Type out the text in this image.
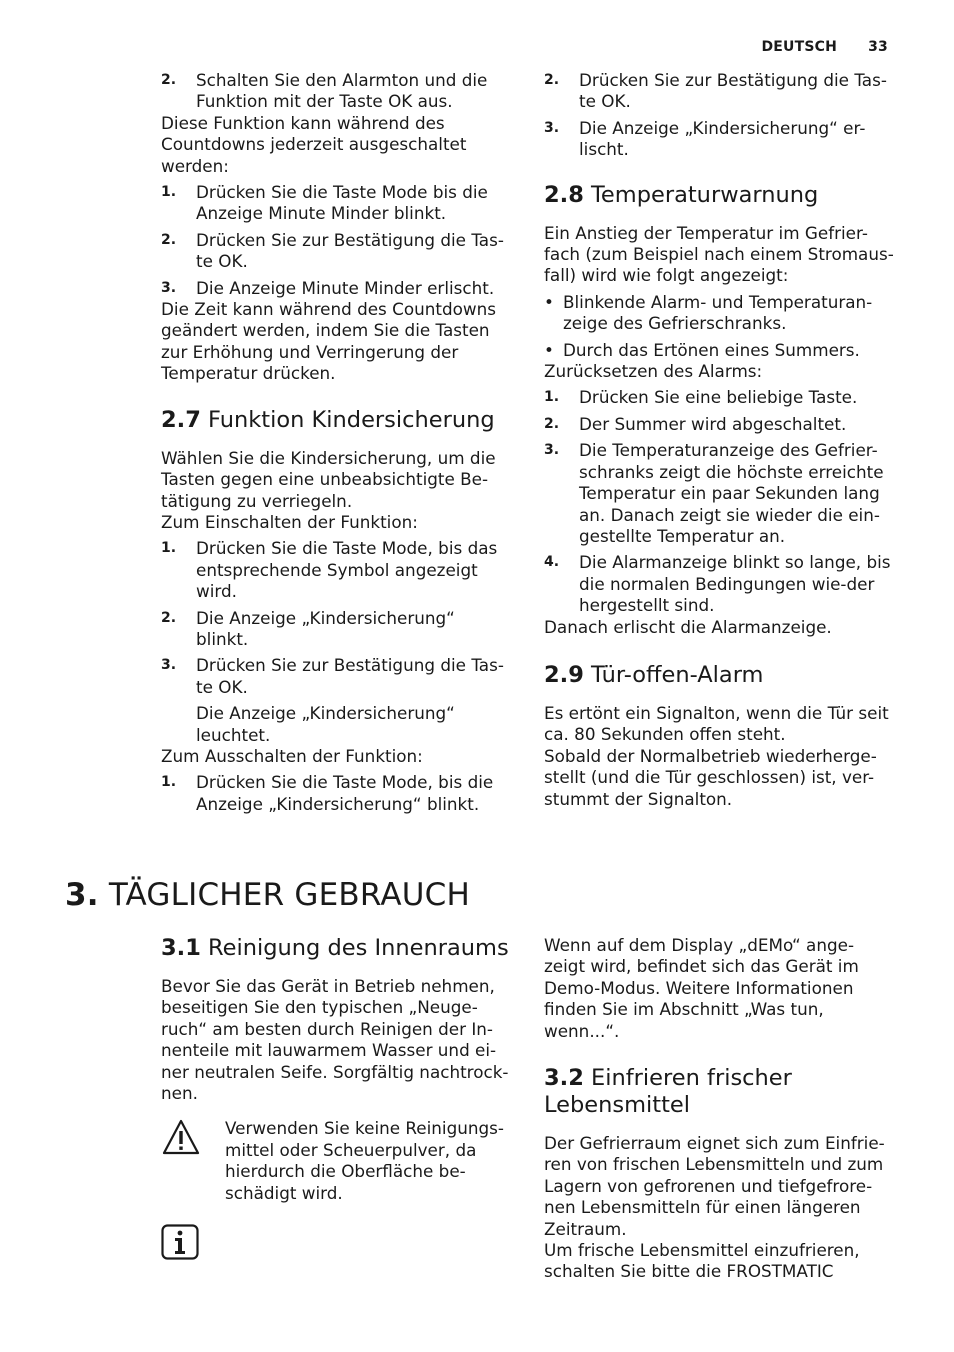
DEUTSCH 33
2.	Schalten Sie den Alarmton und die Funktion mit der Taste OK aus.

Diese Funktion kann während des Countdowns jederzeit ausgeschaltet werden:

1.	Drücken Sie die Taste Mode bis die Anzeige Minute Minder blinkt.
2.	Drücken Sie zur Bestätigung die Tas-te OK.
3.	Die Anzeige Minute Minder erlischt.

Die Zeit kann während des Countdowns geändert werden, indem Sie die Tasten zur Erhöhung und Verringerung der Temperatur drücken.

2.7 Funktion Kindersicherung

Wählen Sie die Kindersicherung, um die Tasten gegen eine unbeabsichtigte Be-tätigung zu verriegeln.

Zum Einschalten der Funktion:

1.	Drücken Sie die Taste Mode, bis das entsprechende Symbol angezeigt wird.
2.	Die Anzeige „Kindersicherung“ blinkt.
3.	Drücken Sie zur Bestätigung die Tas-te OK.

Die Anzeige „Kindersicherung“ leuchtet.

Zum Ausschalten der Funktion:

1.	Drücken Sie die Taste Mode, bis die Anzeige „Kindersicherung“ blinkt.
2.	Drücken Sie zur Bestätigung die Tas-te OK.
3.	Die Anzeige „Kindersicherung“ er-lischt.
2.8 Temperaturwarnung

Ein Anstieg der Temperatur im Gefrier-fach (zum Beispiel nach einem Stromaus-fall) wird wie folgt angezeigt:

• Blinkende Alarm- und Temperaturan-zeige des Gefrierschranks.
• Durch das Ertönen eines Summers.

Zurücksetzen des Alarms:

1.	Drücken Sie eine beliebige Taste.
2.	Der Summer wird abgeschaltet.
3.	Die Temperaturanzeige des Gefrier-schranks zeigt die höchste erreichte Temperatur ein paar Sekunden lang an. Danach zeigt sie wieder die ein-gestellte Temperatur an.
4.	Die Alarmanzeige blinkt so lange, bis die normalen Bedingungen wie-der hergestellt sind.

Danach erlischt die Alarmanzeige.

2.9 Tür-offen-Alarm

Es ertönt ein Signalton, wenn die Tür seit ca. 80 Sekunden offen steht.

Sobald der Normalbetrieb wiederherge-stellt (und die Tür geschlossen) ist, ver-stummt der Signalton.

3. TÄGLICHER GEBRAUCH
3.1 Reinigung des Innenraums

Bevor Sie das Gerät in Betrieb nehmen, beseitigen Sie den typischen „Neuge-ruch“ am besten durch Reinigen der In-nenteile mit lauwarmem Wasser und ei-ner neutralen Seife. Sorgfältig nachtrock-nen.

Verwenden Sie keine Reinigungs-mittel oder Scheuerpulver, da hierdurch die Oberfläche be-schädigt wird.

Wenn auf dem Display „dEMo“ ange-zeigt wird, befindet sich das Gerät im Demo-Modus. Weitere Informationen finden Sie im Abschnitt „Was tun, wenn...“.

3.2 Einfrieren frischer Lebensmittel

Der Gefrierraum eignet sich zum Einfrie-ren von frischen Lebensmitteln und zum Lagern von gefrorenen und tiefgefrore-nen Lebensmitteln für einen längeren Zeitraum.

Um frische Lebensmittel einzufrieren, schalten Sie bitte die FROSTMATIC
